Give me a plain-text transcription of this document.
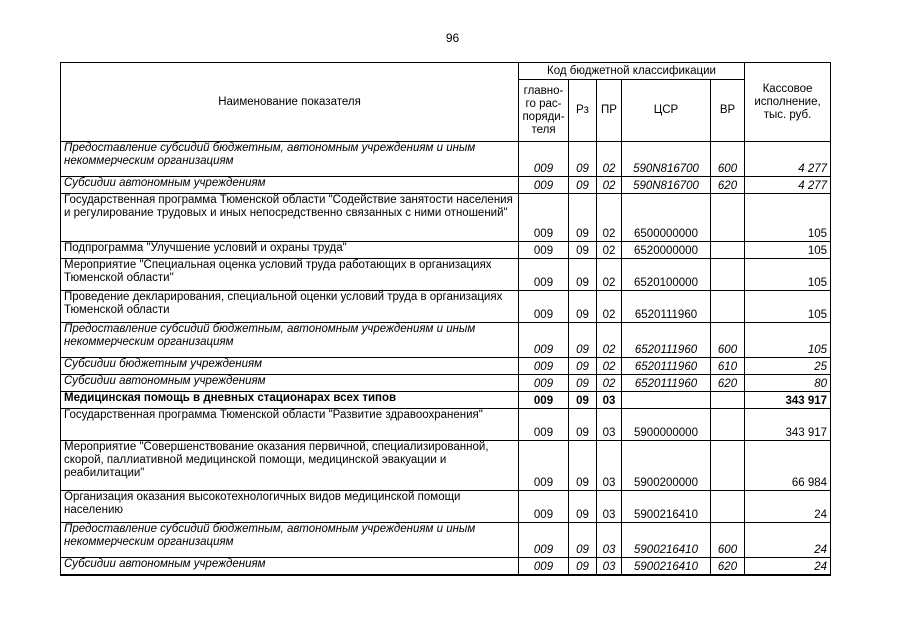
96
Наименование показателя	Код бюджетной классификации					Кассовое исполнение, тыс. руб.
	главно-го рас-поряди-теля	Рз	ПР	ЦСР	ВР	
Предоставление субсидий бюджетным, автономным учреждениям и иным некоммерческим организациям	009	09	02	590N816700	600	4 277
Субсидии автономным учреждениям	009	09	02	590N816700	620	4 277
Государственная программа Тюменской области "Содействие занятости населения и регулирование трудовых и иных непосредственно связанных с ними отношений"	009	09	02	6500000000		105
Подпрограмма "Улучшение условий и охраны труда"	009	09	02	6520000000		105
Мероприятие "Специальная оценка условий труда работающих в организациях Тюменской области"	009	09	02	6520100000		105
Проведение декларирования, специальной оценки условий труда в организациях Тюменской области	009	09	02	6520111960		105
Предоставление субсидий бюджетным, автономным учреждениям и иным некоммерческим организациям	009	09	02	6520111960	600	105
Субсидии бюджетным учреждениям	009	09	02	6520111960	610	25
Субсидии автономным учреждениям	009	09	02	6520111960	620	80
Медицинская помощь в дневных стационарах всех типов	009	09	03			343 917
Государственная программа Тюменской области "Развитие здравоохранения"	009	09	03	5900000000		343 917
Мероприятие "Совершенствование оказания первичной, специализированной, скорой, паллиативной медицинской помощи, медицинской эвакуации и реабилитации"	009	09	03	5900200000		66 984
Организация оказания высокотехнологичных видов медицинской помощи населению	009	09	03	5900216410		24
Предоставление субсидий бюджетным, автономным учреждениям и иным некоммерческим организациям	009	09	03	5900216410	600	24
Субсидии автономным учреждениям	009	09	03	5900216410	620	24
